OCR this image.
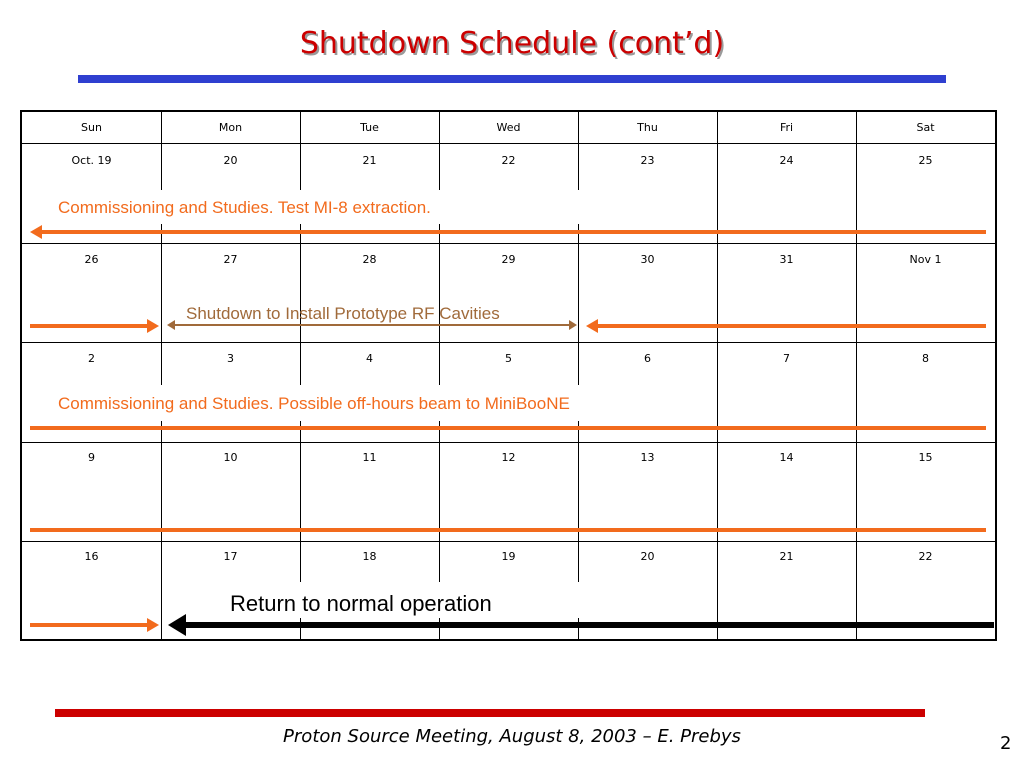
Shutdown Schedule (cont’d)
Sun	Mon	Tue	Wed	Thu	Fri	Sat
Oct. 19	20	21	22	23	24	25
26	27	28	29	30	31	Nov 1
2	3	4	5	6	7	8
9	10	11	12	13	14	15
16	17	18	19	20	21	22
Commissioning and Studies. Test MI-8 extraction.
Shutdown to Install Prototype RF Cavities
Commissioning and Studies. Possible off-hours beam to MiniBooNE
Return to normal operation
Proton Source Meeting, August 8, 2003 – E. Prebys	2
